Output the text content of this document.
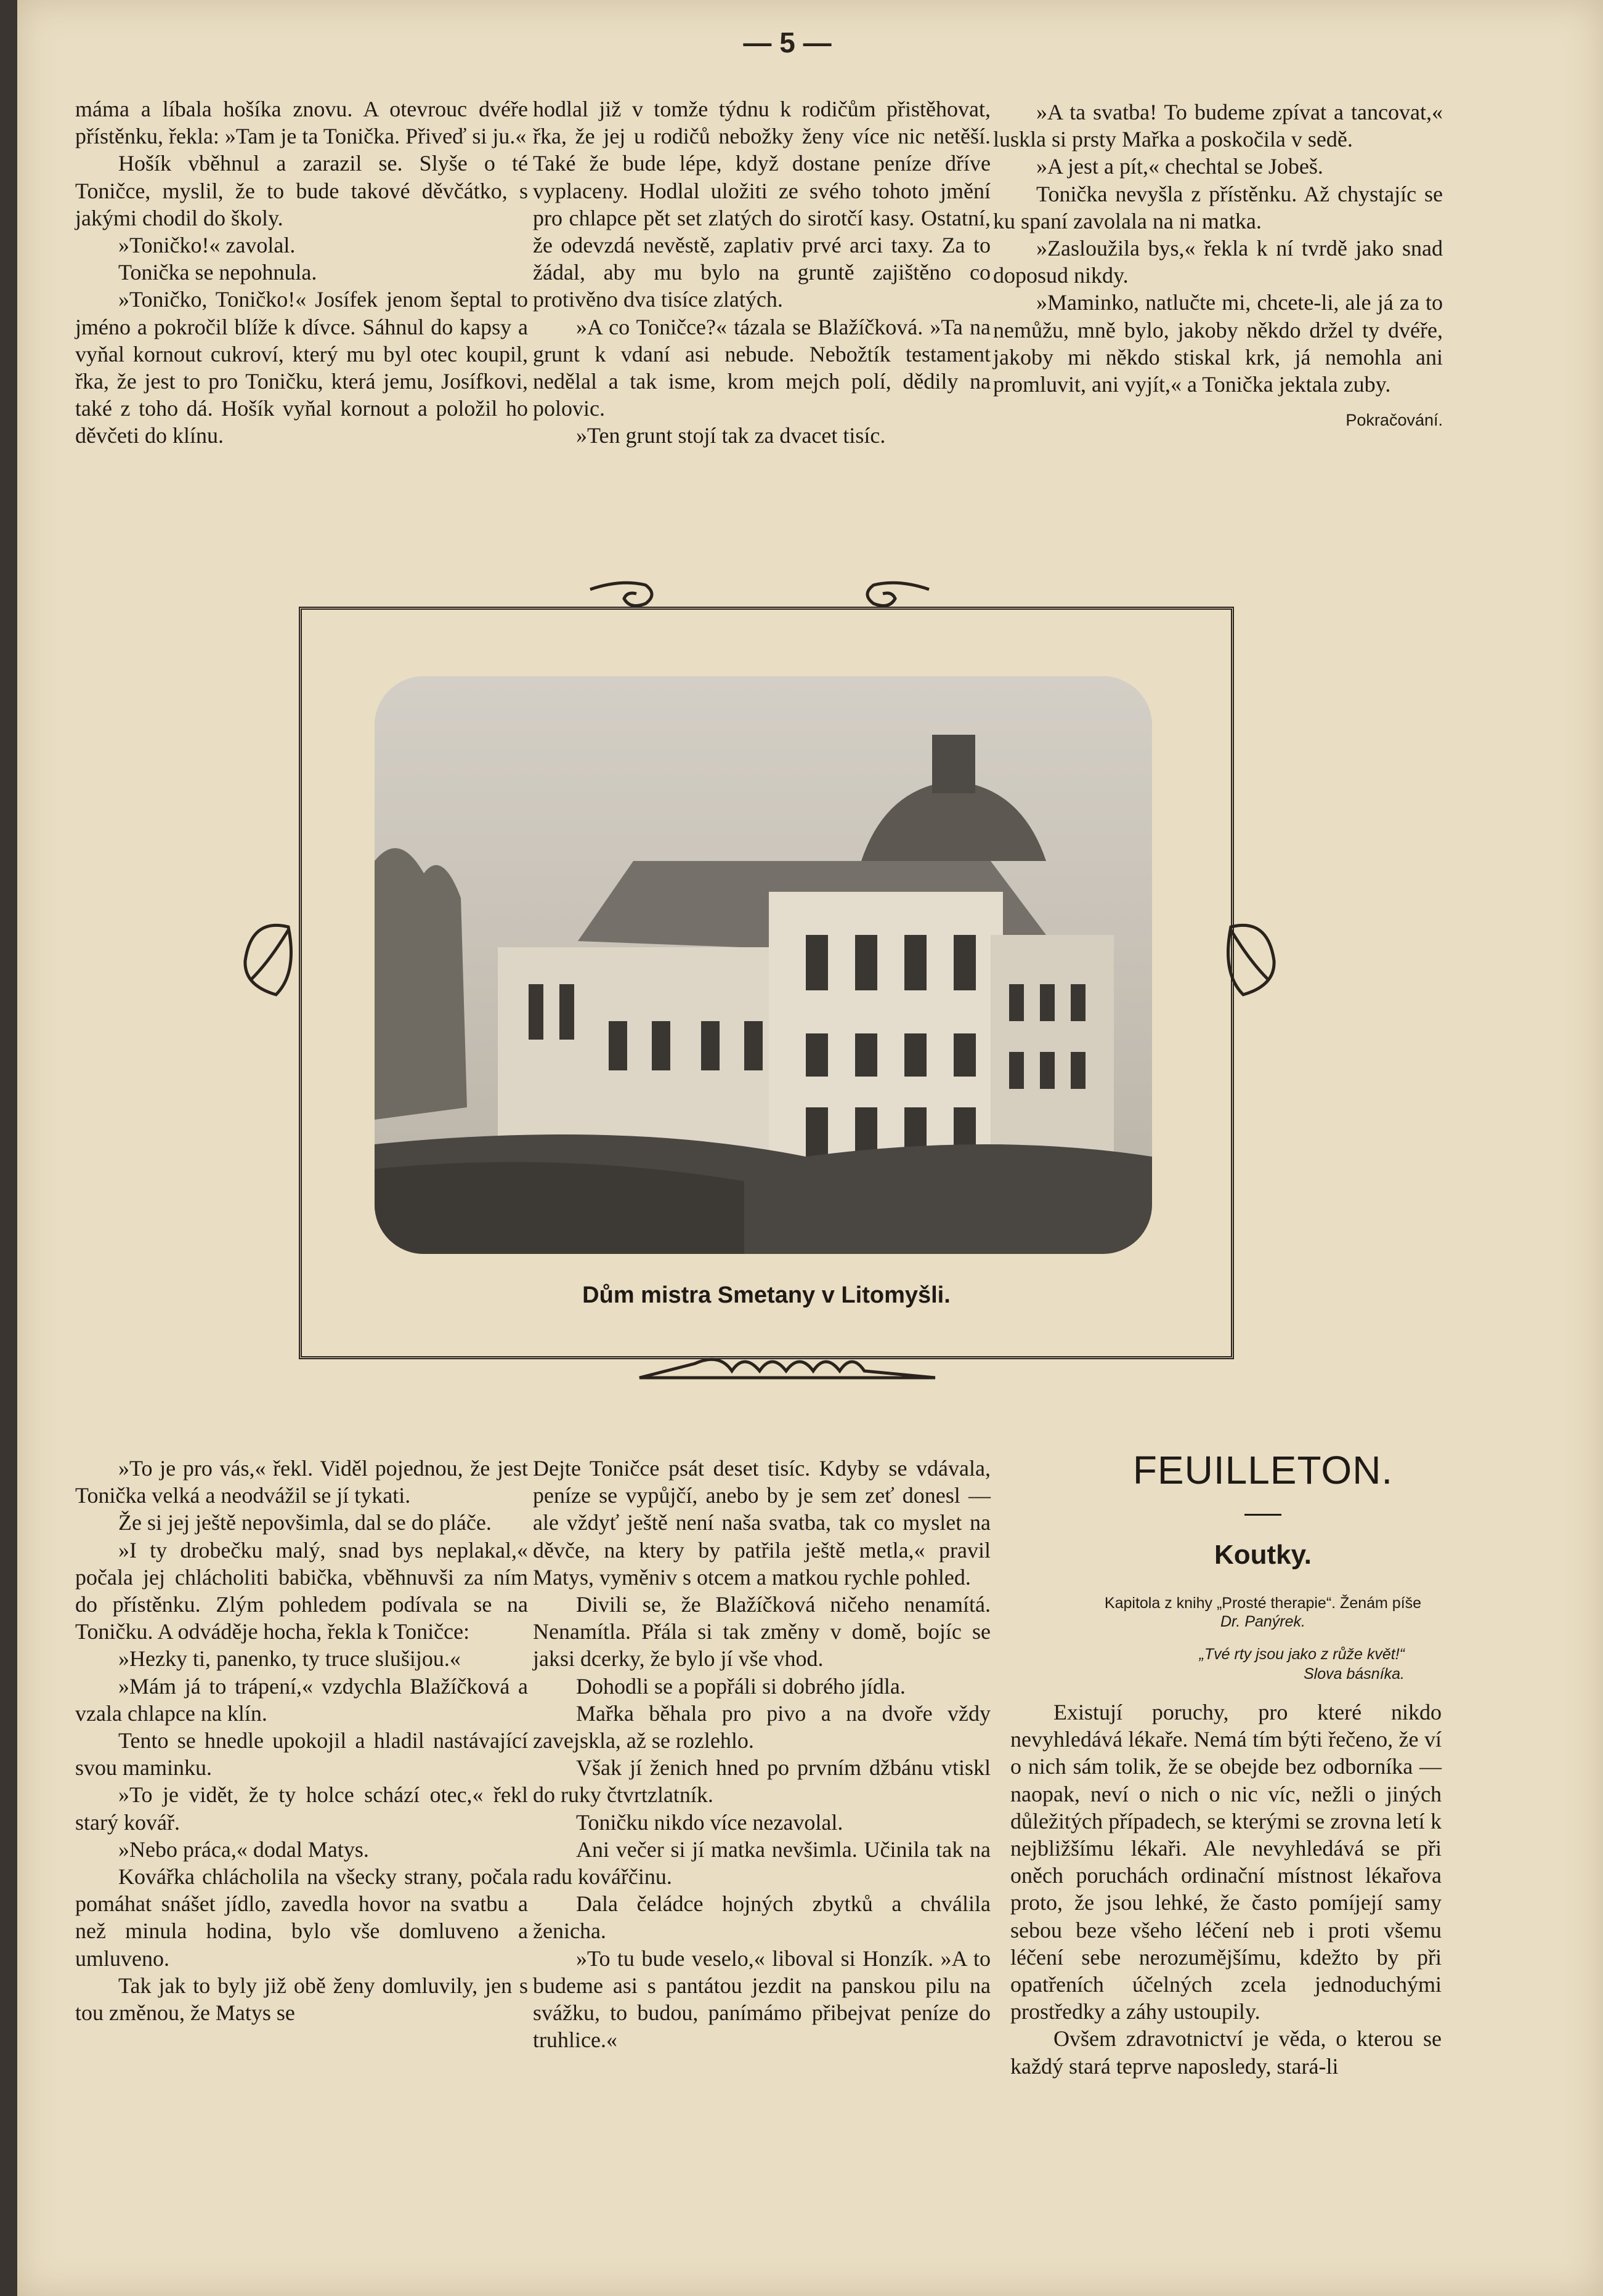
— 5 —

máma a líbala hošíka znovu. A otevrouc dvéře přístěnku, řekla: »Tam je ta Tonička. Přiveď si ju.«

Hošík vběhnul a zarazil se. Slyše o té Toničce, myslil, že to bude takové děvčátko, s jakými chodil do školy.

»Toničko!« zavolal.

Tonička se nepohnula.

»Toničko, Toničko!« Josífek jenom šeptal to jméno a pokročil blíže k dívce. Sáhnul do kapsy a vyňal kornout cukroví, který mu byl otec koupil, řka, že jest to pro Toničku, která jemu, Josífkovi, také z toho dá. Hošík vyňal kornout a položil ho děvčeti do klínu.

hodlal již v tomže týdnu k rodičům přistěhovat, řka, že jej u rodičů nebožky ženy více nic netěší. Také že bude lépe, když dostane peníze dříve vyplaceny. Hodlal uložiti ze svého tohoto jmění pro chlapce pět set zlatých do sirotčí kasy. Ostatní, že odevzdá nevěstě, zaplativ prvé arci taxy. Za to žádal, aby mu bylo na gruntě zajištěno co protivěno dva tisíce zlatých.

»A co Toničce?« tázala se Blažíčková. »Ta na grunt k vdaní asi nebude. Nebožtík testament nedělal a tak isme, krom mejch polí, dědily na polovic.

»Ten grunt stojí tak za dvacet tisíc.

»A ta svatba! To budeme zpívat a tancovat,« luskla si prsty Mařka a poskočila v sedě.

»A jest a pít,« chechtal se Jobeš.

Tonička nevyšla z přístěnku. Až chystajíc se ku spaní zavolala na ni matka.

»Zasloužila bys,« řekla k ní tvrdě jako snad doposud nikdy.

»Maminko, natlučte mi, chcete-li, ale já za to nemůžu, mně bylo, jakoby někdo držel ty dvéře, jakoby mi někdo stiskal krk, já nemohla ani promluvit, ani vyjít,« a Tonička jektala zuby.

Pokračování.
Dům mistra Smetany v Litomyšli.

»To je pro vás,« řekl. Viděl pojednou, že jest Tonička velká a neodvážil se jí tykati.

Že si jej ještě nepovšimla, dal se do pláče.

»I ty drobečku malý, snad bys neplakal,« počala jej chlácholiti babička, vběhnuvši za ním do přístěnku. Zlým pohledem podívala se na Toničku. A odváděje hocha, řekla k Toničce:

»Hezky ti, panenko, ty truce slušijou.«

»Mám já to trápení,« vzdychla Blažíčková a vzala chlapce na klín.

Tento se hnedle upokojil a hladil nastávající svou maminku.

»To je vidět, že ty holce schází otec,« řekl starý kovář.

»Nebo práca,« dodal Matys.

Kovářka chlácholila na všecky strany, počala pomáhat snášet jídlo, zavedla hovor na svatbu a než minula hodina, bylo vše domluveno a umluveno.

Tak jak to byly již obě ženy domluvily, jen s tou změnou, že Matys se

Dejte Toničce psát deset tisíc. Kdyby se vdávala, peníze se vypůjčí, anebo by je sem zeť donesl — ale vždyť ještě není naša svatba, tak co myslet na děvče, na ktery by patřila ještě metla,« pravil Matys, vyměniv s otcem a matkou rychle pohled.

Divili se, že Blažíčková ničeho nenamítá. Nenamítla. Přála si tak změny v domě, bojíc se jaksi dcerky, že bylo jí vše vhod.

Dohodli se a popřáli si dobrého jídla.

Mařka běhala pro pivo a na dvoře vždy zavejskla, až se rozlehlo.

Však jí ženich hned po prvním džbánu vtiskl do ruky čtvrtzlatník.

Toničku nikdo více nezavolal.

Ani večer si jí matka nevšimla. Učinila tak na radu kovářčinu.

Dala čeládce hojných zbytků a chválila ženicha.

»To tu bude veselo,« liboval si Honzík. »A to budeme asi s pantátou jezdit na panskou pilu na svážku, to budou, panímámo přibejvat peníze do truhlice.«

FEUILLETON.
Koutky.
Kapitola z knihy „Prosté therapie“. Ženám píše
Dr. Panýrek.
„Tvé rty jsou jako z růže květ!“
Slova básníka.

Existují poruchy, pro které nikdo nevyhledává lékaře. Nemá tím býti řečeno, že ví o nich sám tolik, že se obejde bez odborníka — naopak, neví o nich o nic víc, nežli o jiných důležitých případech, se kterými se zrovna letí k nejbližšímu lékaři. Ale nevyhledává se při oněch poruchách ordinační místnost lékařova proto, že jsou lehké, že často pomíjejí samy sebou beze všeho léčení neb i proti všemu léčení sebe nerozumějšímu, kdežto by při opatřeních účelných zcela jednoduchými prostředky a záhy ustoupily.

Ovšem zdravotnictví je věda, o kterou se každý stará teprve naposledy, stará-li
